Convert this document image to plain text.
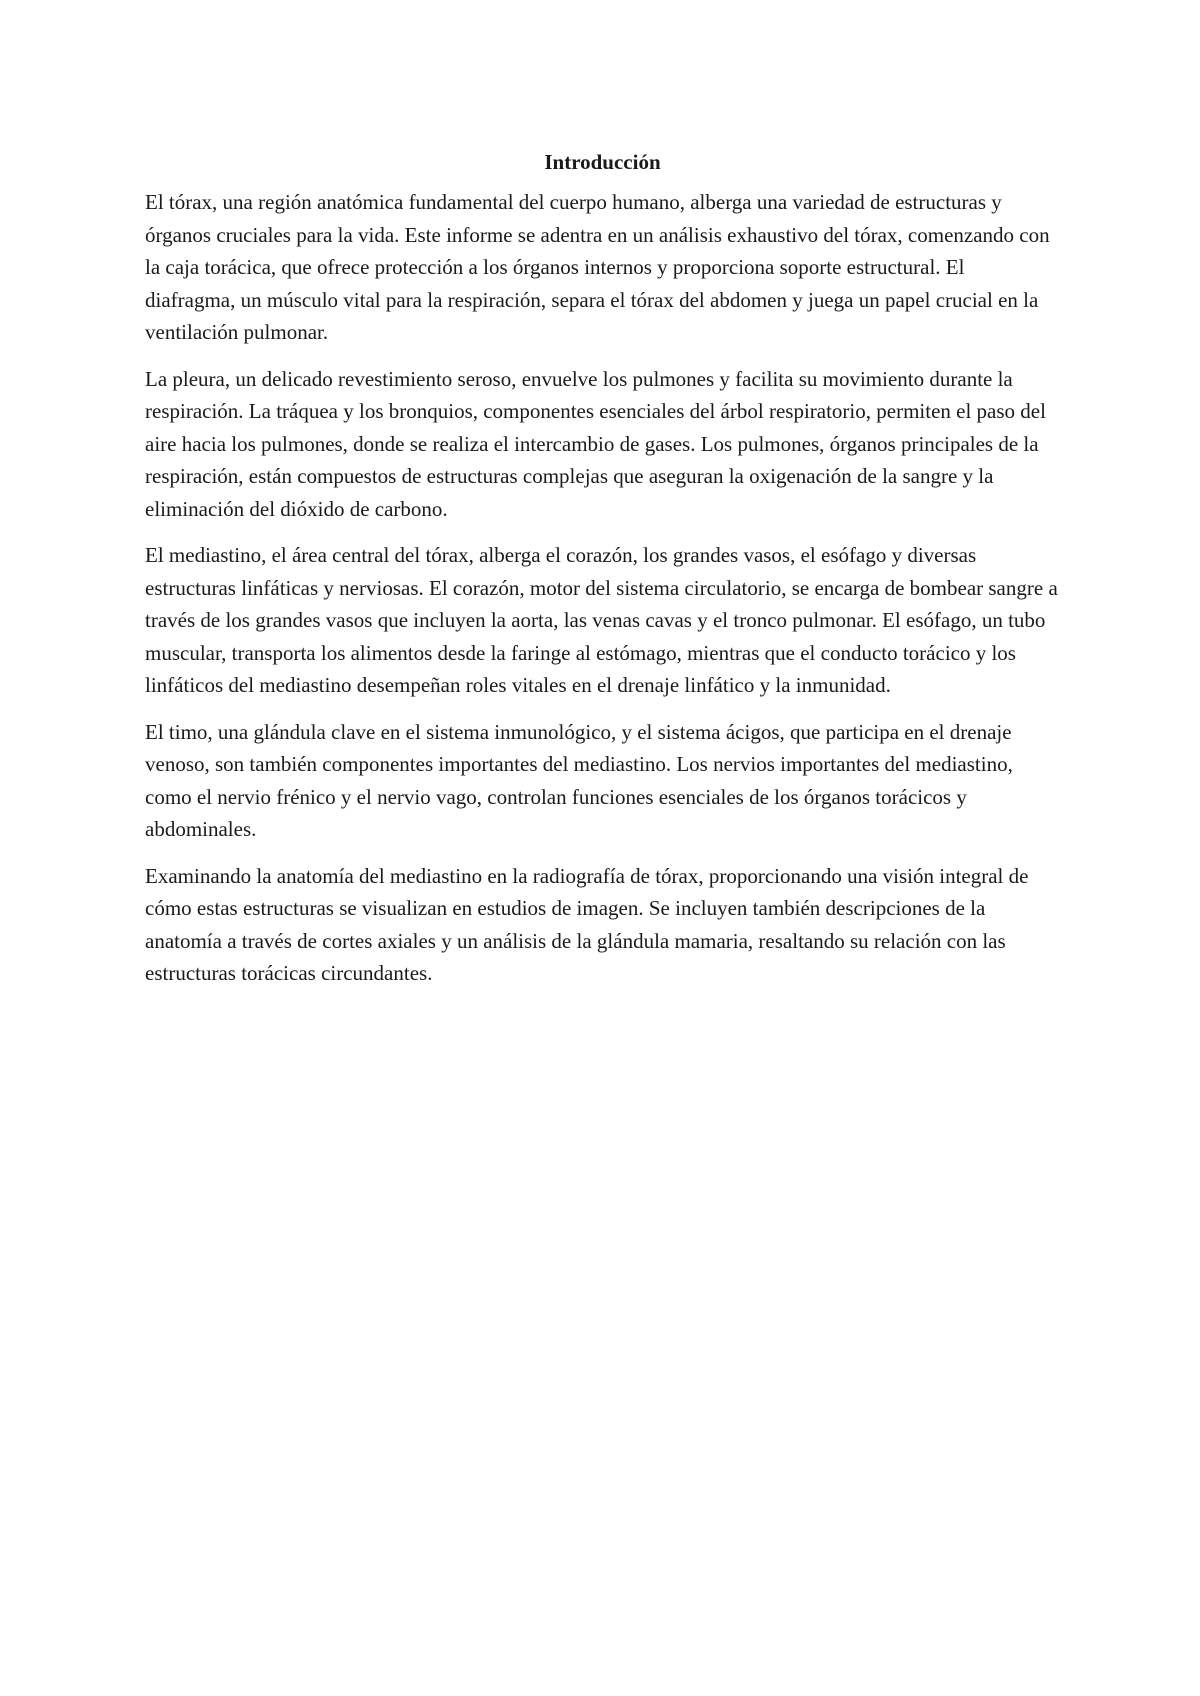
Introducción

El tórax, una región anatómica fundamental del cuerpo humano, alberga una variedad de estructuras y órganos cruciales para la vida. Este informe se adentra en un análisis exhaustivo del tórax, comenzando con la caja torácica, que ofrece protección a los órganos internos y proporciona soporte estructural. El diafragma, un músculo vital para la respiración, separa el tórax del abdomen y juega un papel crucial en la ventilación pulmonar.

La pleura, un delicado revestimiento seroso, envuelve los pulmones y facilita su movimiento durante la respiración. La tráquea y los bronquios, componentes esenciales del árbol respiratorio, permiten el paso del aire hacia los pulmones, donde se realiza el intercambio de gases. Los pulmones, órganos principales de la respiración, están compuestos de estructuras complejas que aseguran la oxigenación de la sangre y la eliminación del dióxido de carbono.

El mediastino, el área central del tórax, alberga el corazón, los grandes vasos, el esófago y diversas estructuras linfáticas y nerviosas. El corazón, motor del sistema circulatorio, se encarga de bombear sangre a través de los grandes vasos que incluyen la aorta, las venas cavas y el tronco pulmonar. El esófago, un tubo muscular, transporta los alimentos desde la faringe al estómago, mientras que el conducto torácico y los linfáticos del mediastino desempeñan roles vitales en el drenaje linfático y la inmunidad.

El timo, una glándula clave en el sistema inmunológico, y el sistema ácigos, que participa en el drenaje venoso, son también componentes importantes del mediastino. Los nervios importantes del mediastino, como el nervio frénico y el nervio vago, controlan funciones esenciales de los órganos torácicos y abdominales.

Examinando la anatomía del mediastino en la radiografía de tórax, proporcionando una visión integral de cómo estas estructuras se visualizan en estudios de imagen. Se incluyen también descripciones de la anatomía a través de cortes axiales y un análisis de la glándula mamaria, resaltando su relación con las estructuras torácicas circundantes.
